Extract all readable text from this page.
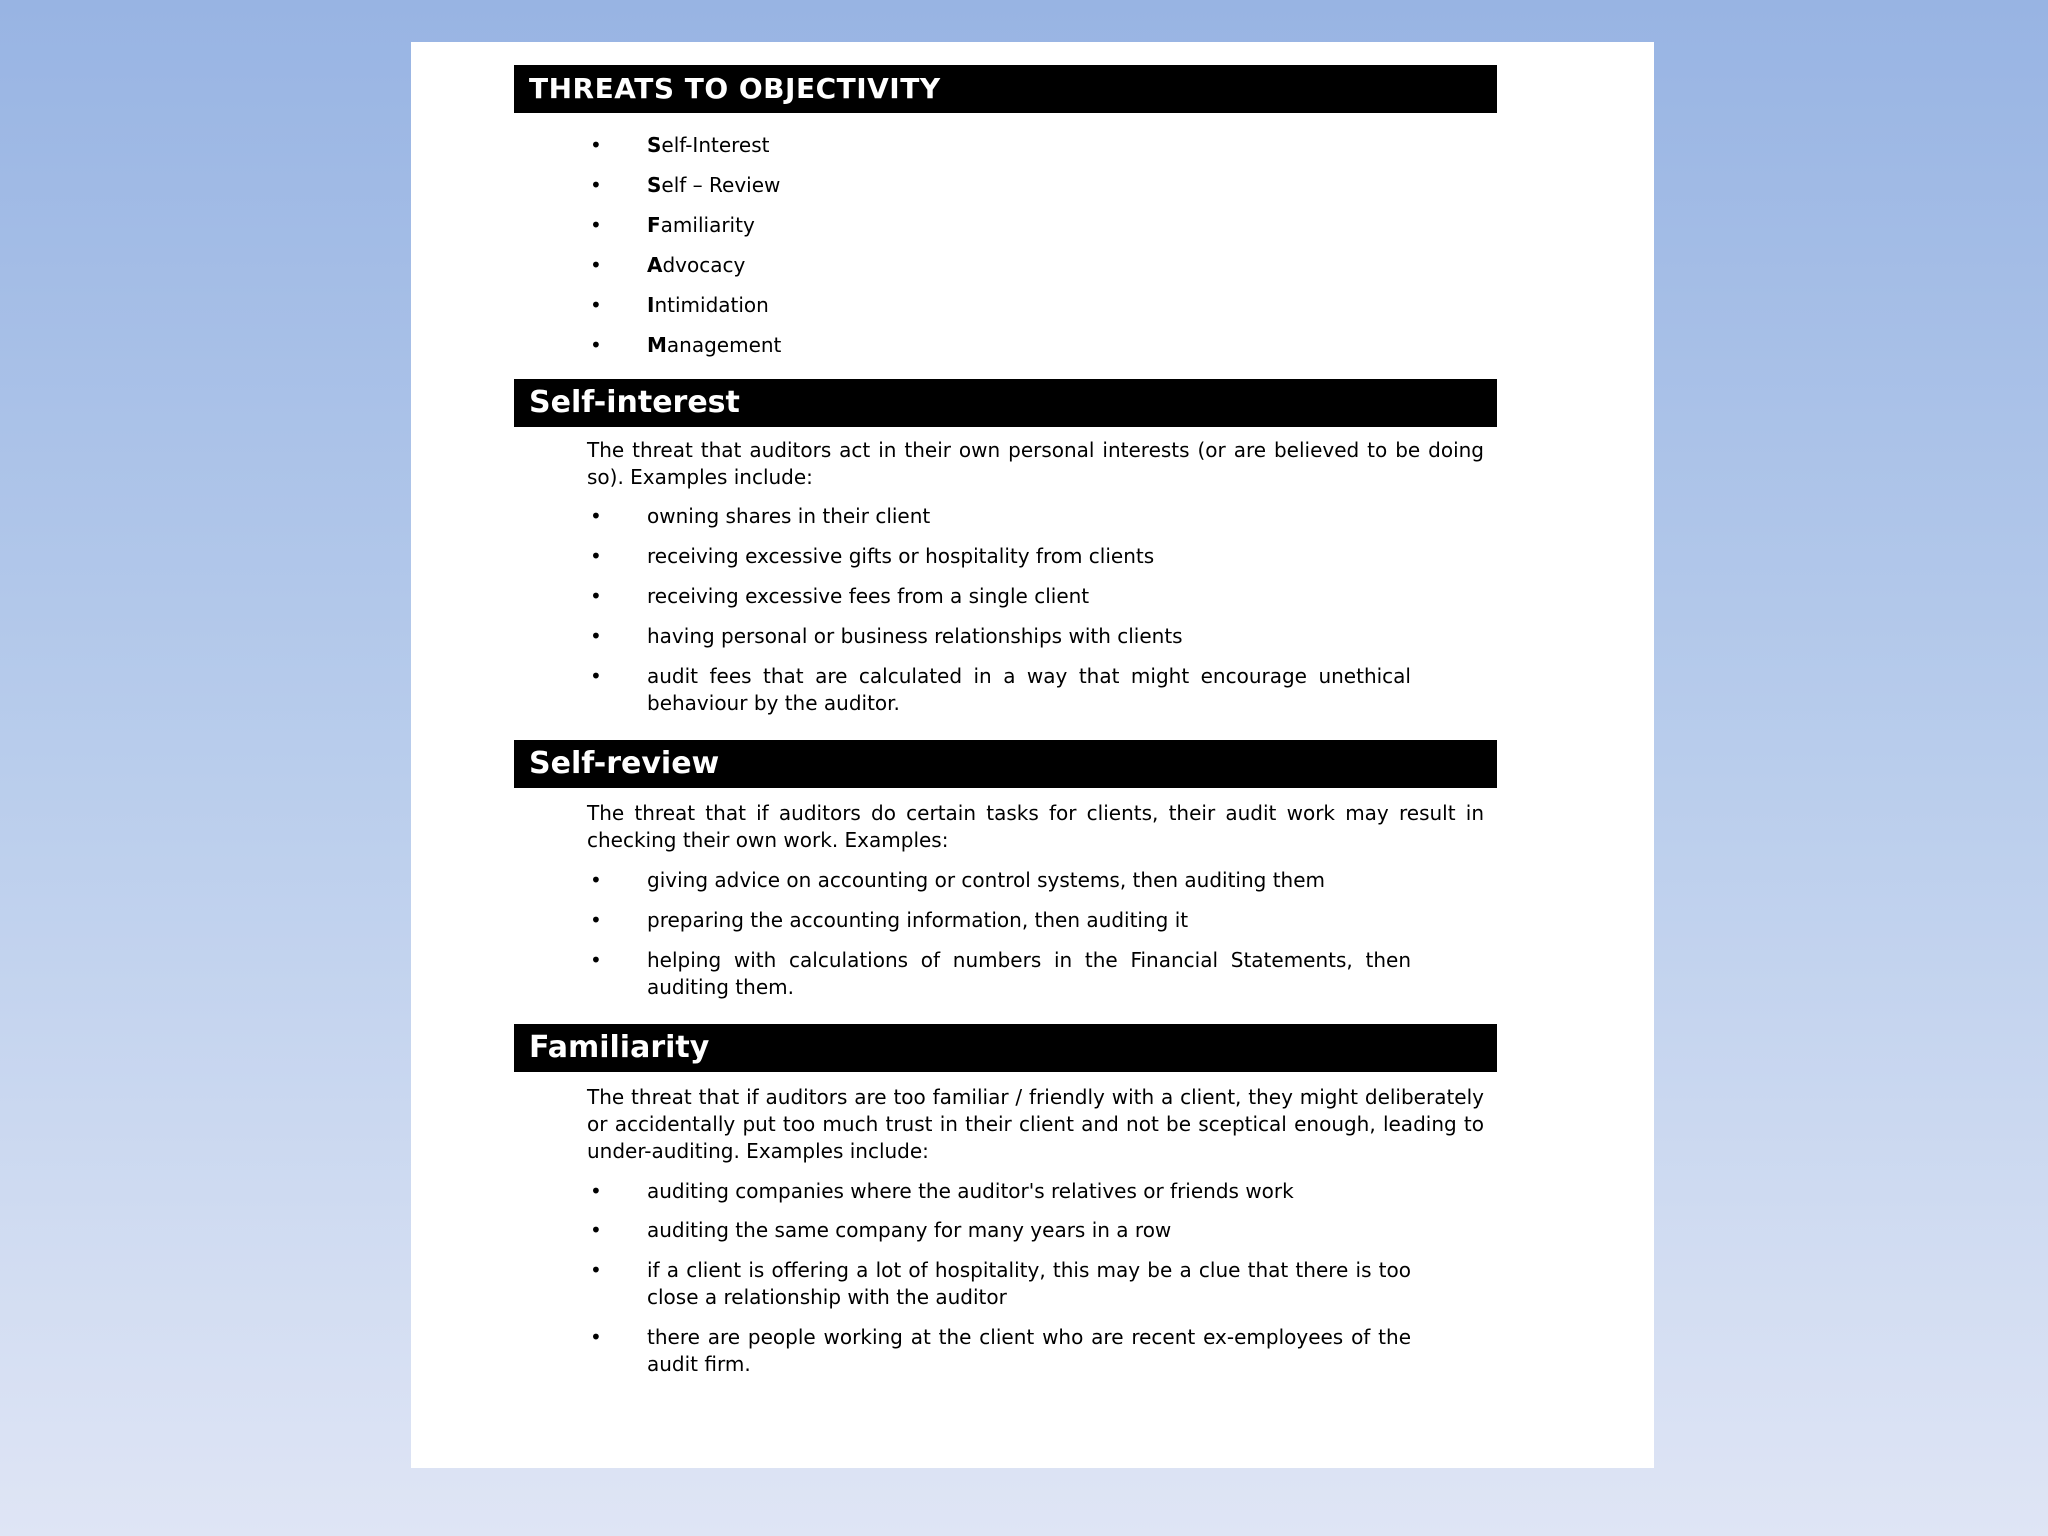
THREATS TO OBJECTIVITY
• Self-Interest
• Self – Review
• Familiarity
• Advocacy
• Intimidation
• Management
Self-interest
The threat that auditors act in their own personal interests (or are believed to be doing so). Examples include:
• owning shares in their client
• receiving excessive gifts or hospitality from clients
• receiving excessive fees from a single client
• having personal or business relationships with clients
• audit fees that are calculated in a way that might encourage unethical behaviour by the auditor.
Self-review
The threat that if auditors do certain tasks for clients, their audit work may result in checking their own work. Examples:
• giving advice on accounting or control systems, then auditing them
• preparing the accounting information, then auditing it
• helping with calculations of numbers in the Financial Statements, then auditing them.
Familiarity
The threat that if auditors are too familiar / friendly with a client, they might deliberately or accidentally put too much trust in their client and not be sceptical enough, leading to under-auditing. Examples include:
• auditing companies where the auditor's relatives or friends work
• auditing the same company for many years in a row
• if a client is offering a lot of hospitality, this may be a clue that there is too close a relationship with the auditor
• there are people working at the client who are recent ex-employees of the audit firm.
